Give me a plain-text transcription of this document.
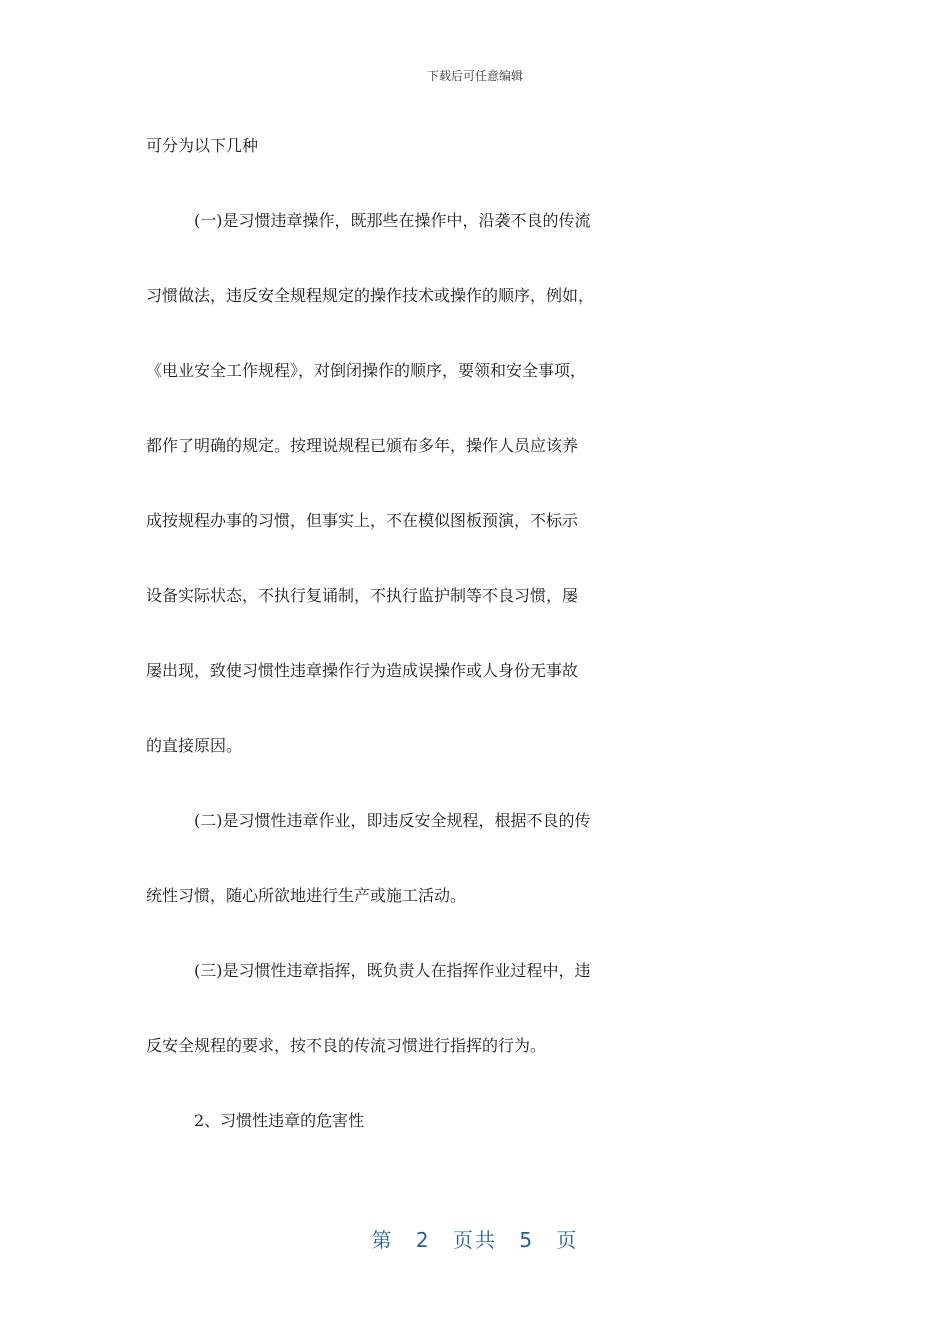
下载后可任意编辑
可分为以下几种
(一)是习惯违章操作，既那些在操作中，沿袭不良的传流
习惯做法，违反安全规程规定的操作技术或操作的顺序，例如，
《电业安全工作规程》，对倒闭操作的顺序，要领和安全事项，
都作了明确的规定。按理说规程已颁布多年，操作人员应该养
成按规程办事的习惯，但事实上，不在模似图板预演，不标示
设备实际状态，不执行复诵制，不执行监护制等不良习惯，屡
屡出现，致使习惯性违章操作行为造成误操作或人身份无事故
的直接原因。
(二)是习惯性违章作业，即违反安全规程，根据不良的传
统性习惯，随心所欲地进行生产或施工活动。
(三)是习惯性违章指挥，既负责人在指挥作业过程中，违
反安全规程的要求，按不良的传流习惯进行指挥的行为。
2、习惯性违章的危害性
第 2 页共 5 页
